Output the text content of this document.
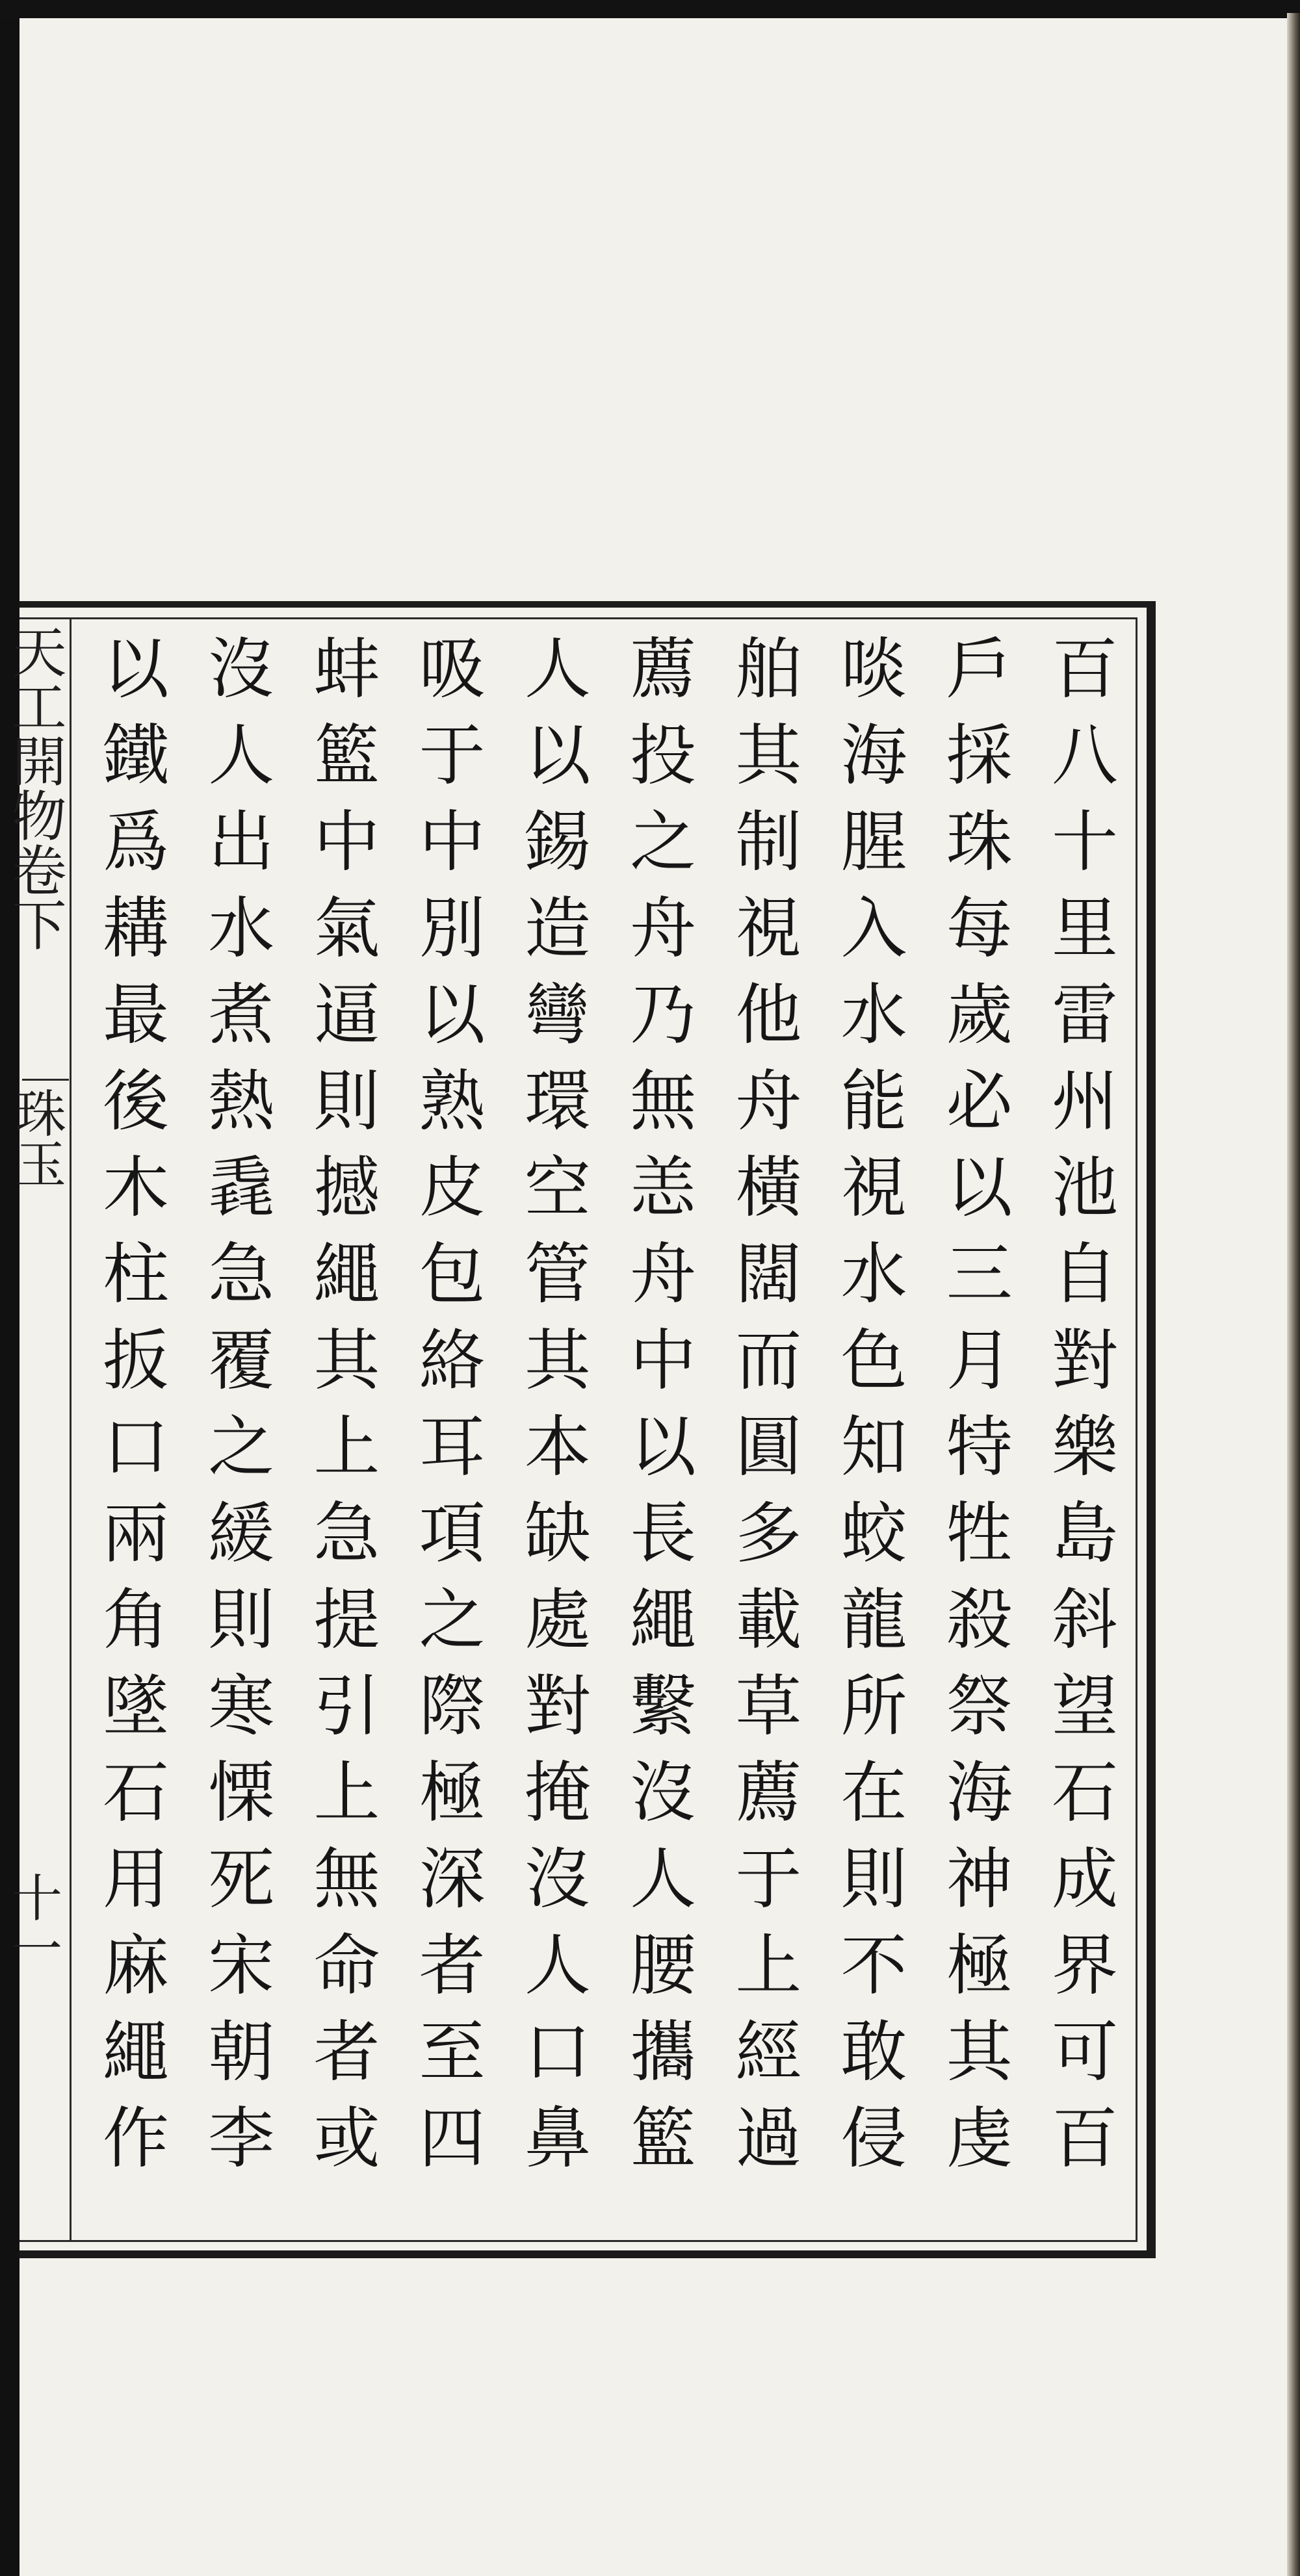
天工開物卷下
珠玉
十一
百八十里雷州池自對樂島斜望石成界可百
戶採珠每歲必以三月特牲殺祭海神極其虔
啖海腥入水能視水色知蛟龍所在則不敢侵
舶其制視他舟橫闊而圓多載草薦于上經過
薦投之舟乃無恙舟中以長繩繫沒人腰攜籃
人以錫造彎環空管其本缺處對掩沒人口鼻
吸于中別以熟皮包絡耳項之際極深者至四
蚌籃中氣逼則撼繩其上急提引上無命者或
沒人出水煮熱毳急覆之緩則寒慄死宋朝李
以鐵爲耩最後木柱扳口兩角墜石用麻繩作
